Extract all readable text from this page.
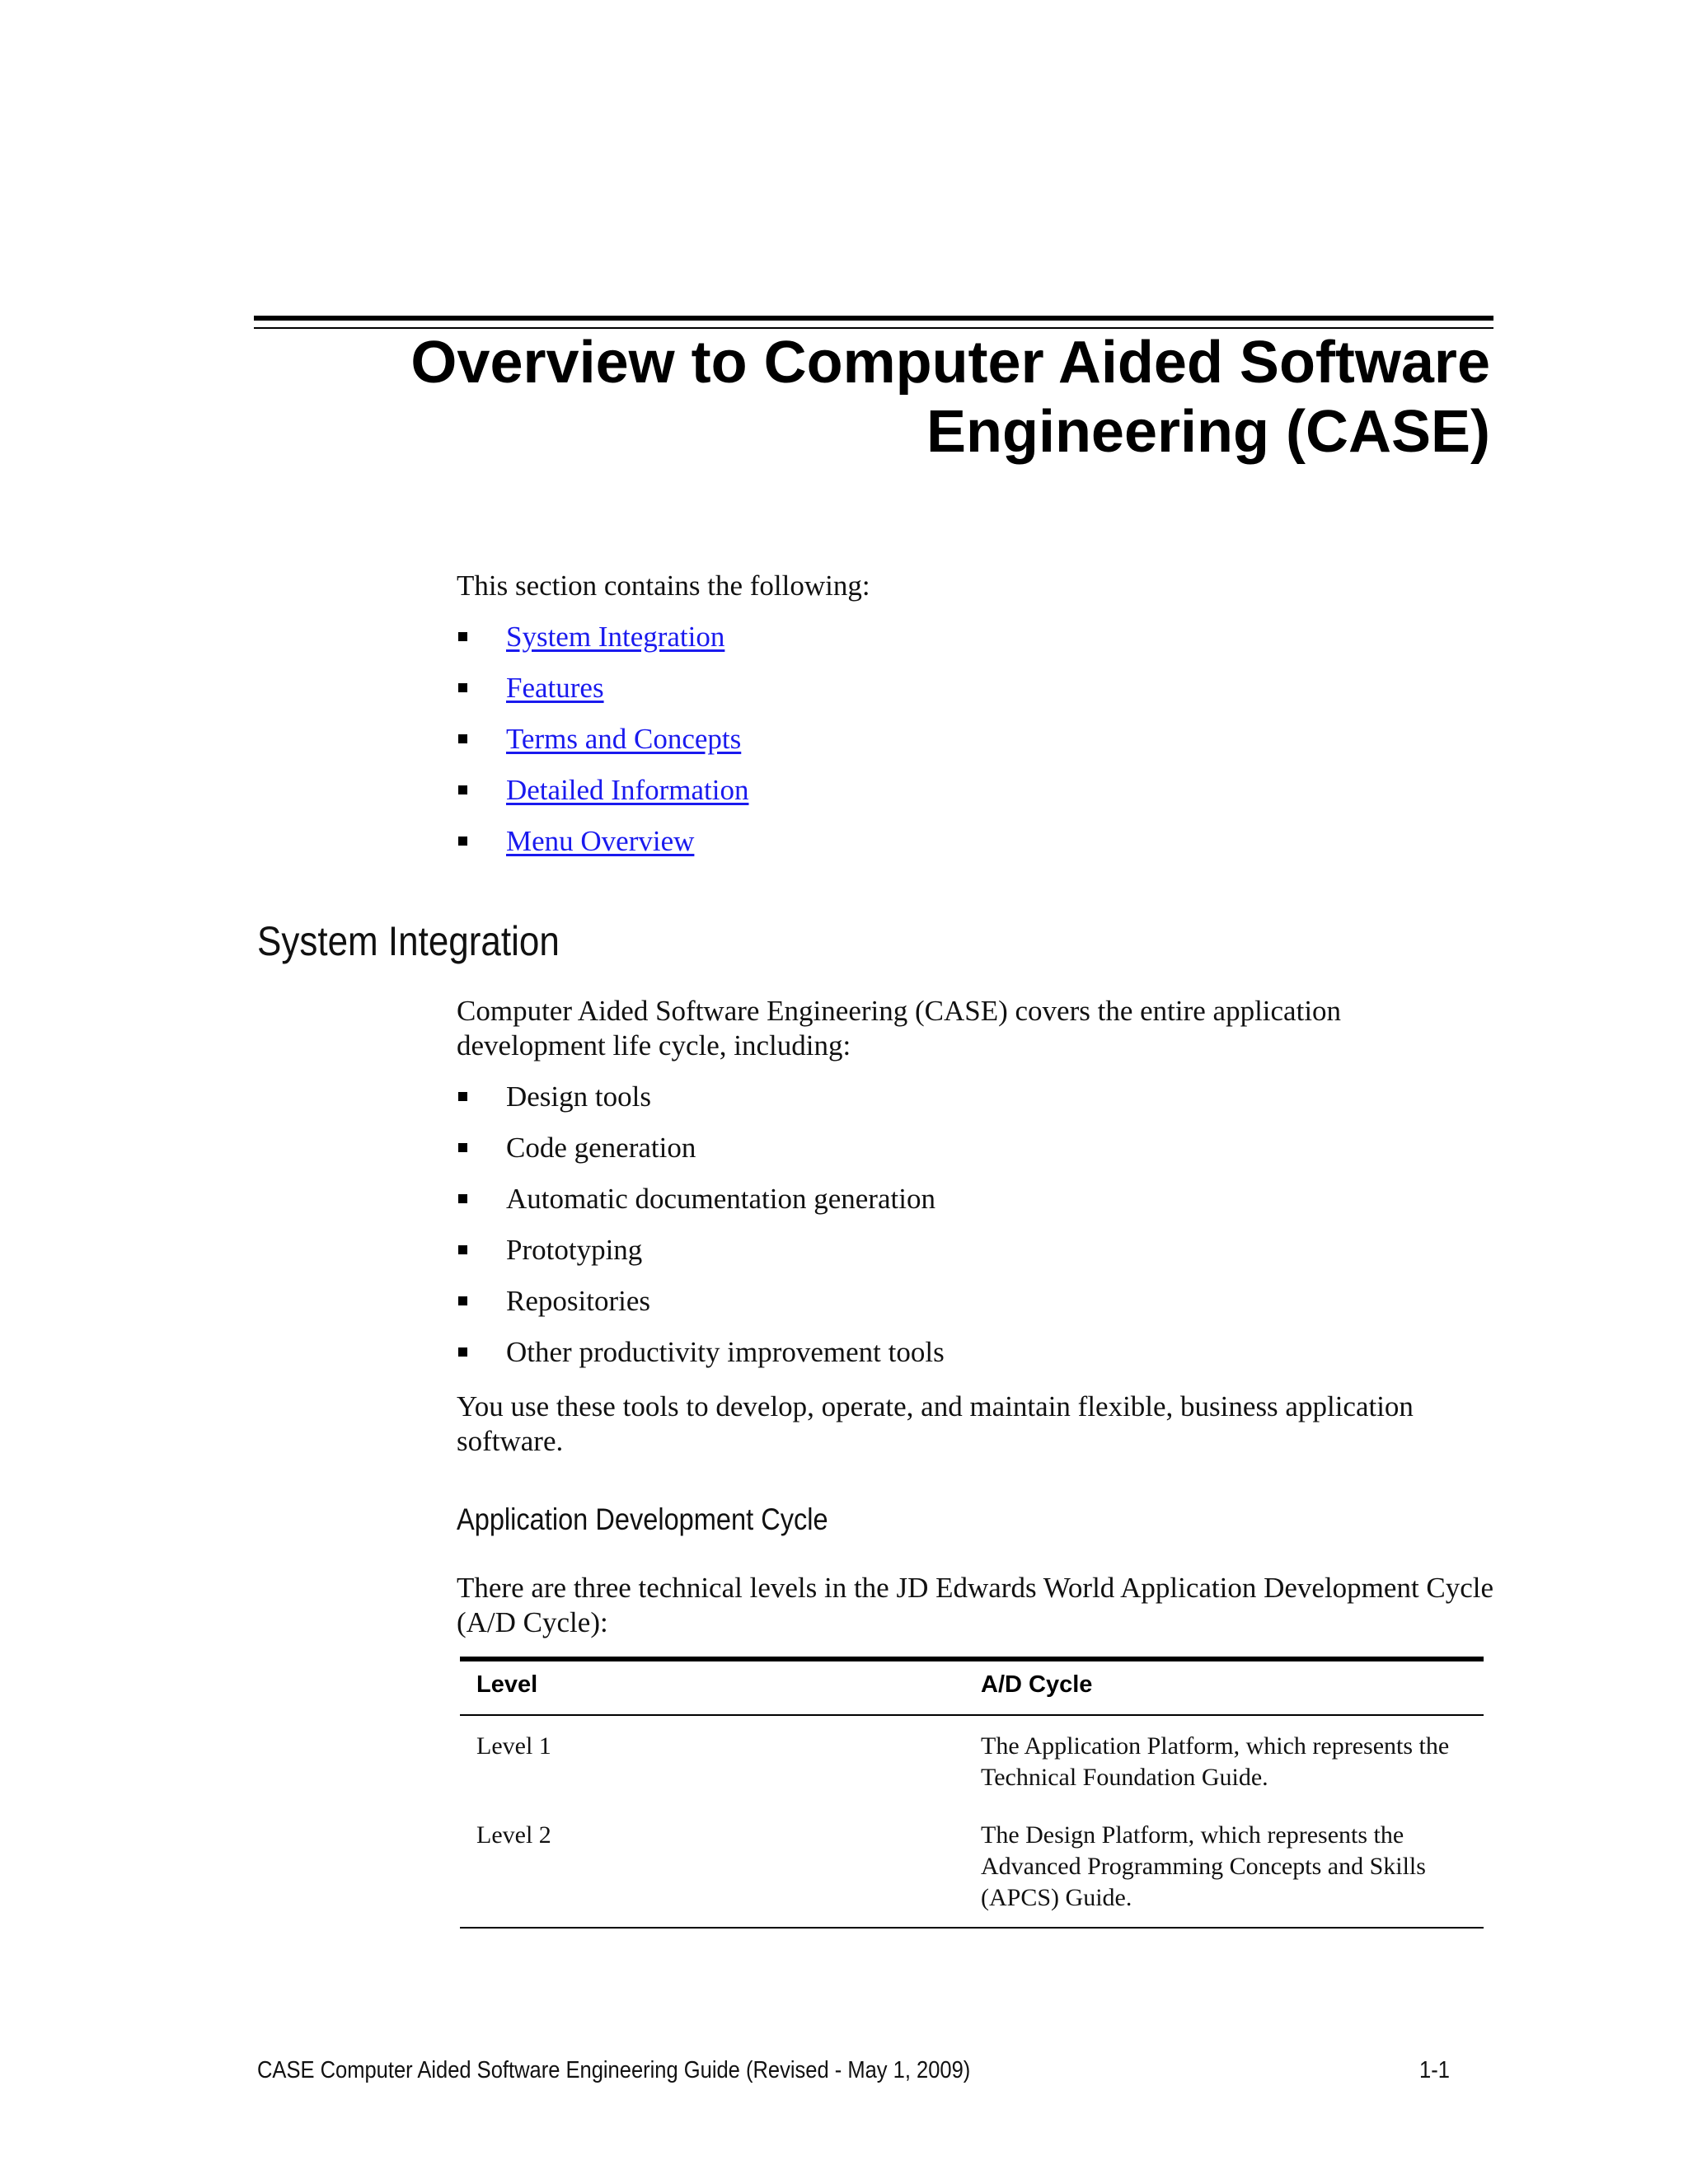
Overview to Computer Aided Software
Engineering (CASE)

This section contains the following:

System Integration
Features
Terms and Concepts
Detailed Information
Menu Overview
System Integration

Computer Aided Software Engineering (CASE) covers the entire application development life cycle, including:

Design tools
Code generation
Automatic documentation generation
Prototyping
Repositories
Other productivity improvement tools

You use these tools to develop, operate, and maintain flexible, business application software.

Application Development Cycle

There are three technical levels in the JD Edwards World Application Development Cycle (A/D Cycle):

Level	A/D Cycle

Level 1	The Application Platform, which represents the Technical Foundation Guide.

Level 2	The Design Platform, which represents the Advanced Programming Concepts and Skills (APCS) Guide.

CASE Computer Aided Software Engineering Guide (Revised - May 1, 2009)	1-1
